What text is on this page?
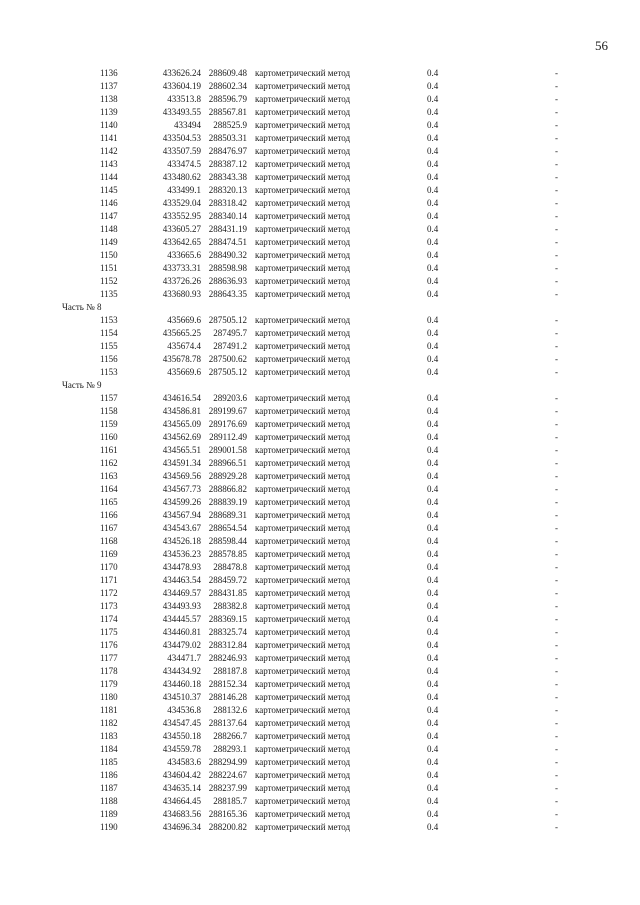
56
1136	433626.24 288609.48 картометрический метод	0.4	-
1137	433604.19 288602.34 картометрический метод	0.4	-
1138	433513.8 288596.79 картометрический метод	0.4	-
1139	433493.55 288567.81 картометрический метод	0.4	-
1140	433494	288525.9 картометрический метод	0.4	-
1141	433504.53 288503.31 картометрический метод	0.4	-
1142	433507.59 288476.97 картометрический метод	0.4	-
1143	433474.5 288387.12 картометрический метод	0.4	-
1144	433480.62 288343.38 картометрический метод	0.4	-
1145	433499.1 288320.13 картометрический метод	0.4	-
1146	433529.04 288318.42 картометрический метод	0.4	-
1147	433552.95 288340.14 картометрический метод	0.4	-
1148	433605.27 288431.19 картометрический метод	0.4	-
1149	433642.65 288474.51 картометрический метод	0.4	-
1150	433665.6 288490.32 картометрический метод	0.4	-
1151	433733.31 288598.98 картометрический метод	0.4	-
1152	433726.26 288636.93 картометрический метод	0.4	-
1135	433680.93 288643.35 картометрический метод	0.4	-
Часть № 8
1153	435669.6 287505.12 картометрический метод	0.4	-
1154	435665.25	287495.7 картометрический метод	0.4	-
1155	435674.4	287491.2 картометрический метод	0.4	-
1156	435678.78 287500.62 картометрический метод	0.4	-
1153	435669.6 287505.12 картометрический метод	0.4	-
Часть № 9
1157	434616.54	289203.6 картометрический метод	0.4	-
1158	434586.81 289199.67 картометрический метод	0.4	-
1159	434565.09 289176.69 картометрический метод	0.4	-
1160	434562.69 289112.49 картометрический метод	0.4	-
1161	434565.51 289001.58 картометрический метод	0.4	-
1162	434591.34 288966.51 картометрический метод	0.4	-
1163	434569.56 288929.28 картометрический метод	0.4	-
1164	434567.73 288866.82 картометрический метод	0.4	-
1165	434599.26 288839.19 картометрический метод	0.4	-
1166	434567.94 288689.31 картометрический метод	0.4	-
1167	434543.67 288654.54 картометрический метод	0.4	-
1168	434526.18 288598.44 картометрический метод	0.4	-
1169	434536.23 288578.85 картометрический метод	0.4	-
1170	434478.93	288478.8 картометрический метод	0.4	-
1171	434463.54 288459.72 картометрический метод	0.4	-
1172	434469.57 288431.85 картометрический метод	0.4	-
1173	434493.93	288382.8 картометрический метод	0.4	-
1174	434445.57 288369.15 картометрический метод	0.4	-
1175	434460.81 288325.74 картометрический метод	0.4	-
1176	434479.02 288312.84 картометрический метод	0.4	-
1177	434471.7 288246.93 картометрический метод	0.4	-
1178	434434.92	288187.8 картометрический метод	0.4	-
1179	434460.18 288152.34 картометрический метод	0.4	-
1180	434510.37 288146.28 картометрический метод	0.4	-
1181	434536.8	288132.6 картометрический метод	0.4	-
1182	434547.45 288137.64 картометрический метод	0.4	-
1183	434550.18	288266.7 картометрический метод	0.4	-
1184	434559.78	288293.1 картометрический метод	0.4	-
1185	434583.6 288294.99 картометрический метод	0.4	-
1186	434604.42 288224.67 картометрический метод	0.4	-
1187	434635.14 288237.99 картометрический метод	0.4	-
1188	434664.45	288185.7 картометрический метод	0.4	-
1189	434683.56 288165.36 картометрический метод	0.4	-
1190	434696.34 288200.82 картометрический метод	0.4	-
